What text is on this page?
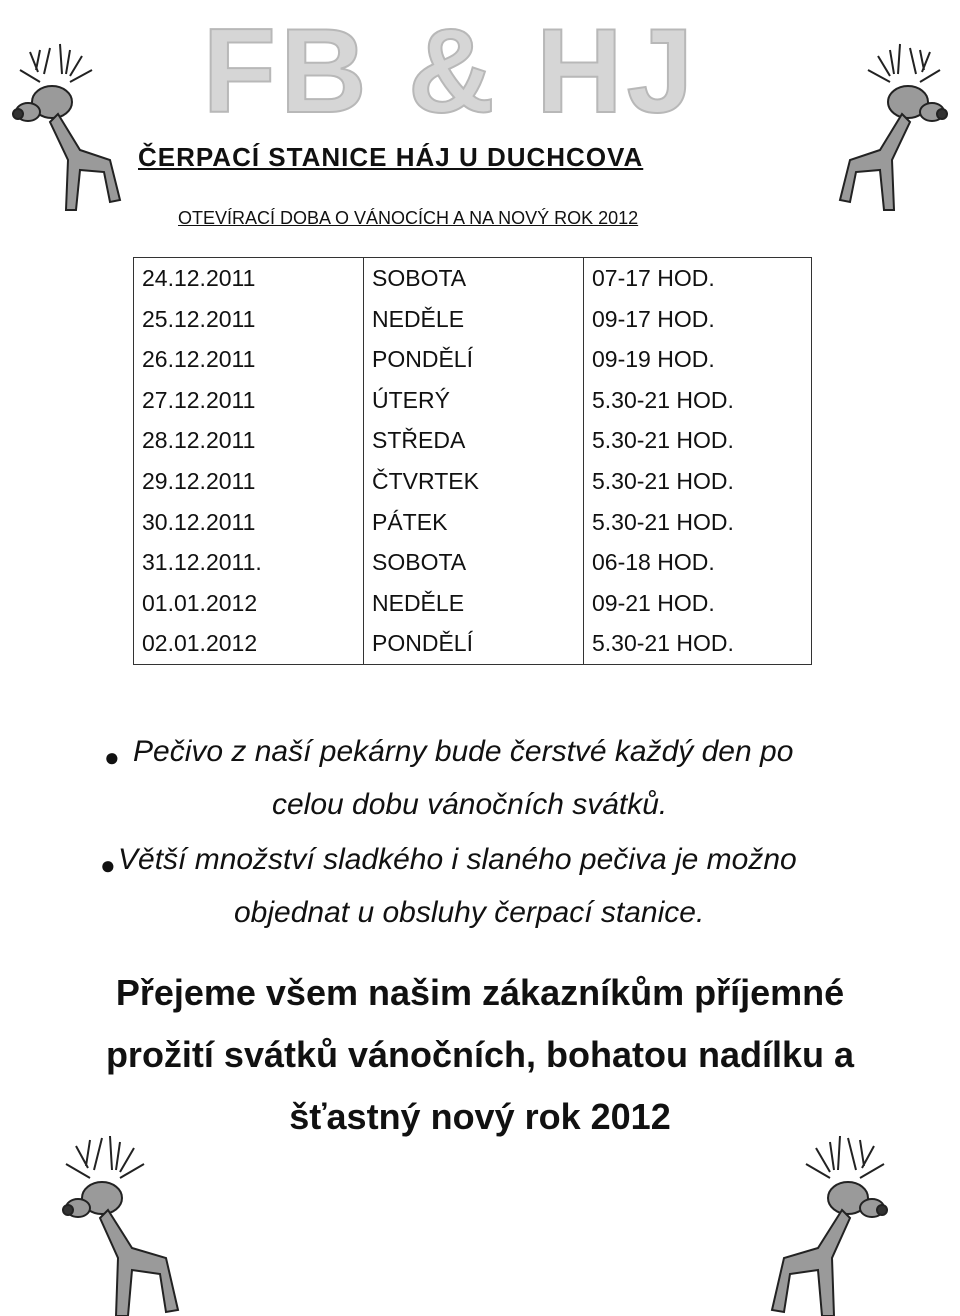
FB & HJ
ČERPACÍ STANICE HÁJ U DUCHCOVA
OTEVÍRACÍ DOBA O VÁNOCÍCH A NA NOVÝ ROK 2012
24.12.2011	SOBOTA	07-17 HOD.
25.12.2011	NEDĚLE	09-17 HOD.
26.12.2011	PONDĚLÍ	09-19 HOD.
27.12.2011	ÚTERÝ	5.30-21 HOD.
28.12.2011	STŘEDA	5.30-21 HOD.
29.12.2011	ČTVRTEK	5.30-21 HOD.
30.12.2011	PÁTEK	5.30-21 HOD.
31.12.2011.	SOBOTA	06-18 HOD.
01.01.2012	NEDĚLE	09-21 HOD.
02.01.2012	PONDĚLÍ	5.30-21 HOD.
● Pečivo z naší pekárny bude čerstvé každý den po
celou dobu vánočních svátků.
● Větší množství sladkého i slaného pečiva je možno
objednat u obsluhy čerpací stanice.
Přejeme všem našim zákazníkům příjemné
prožití svátků vánočních, bohatou nadílku a
šťastný nový rok 2012
